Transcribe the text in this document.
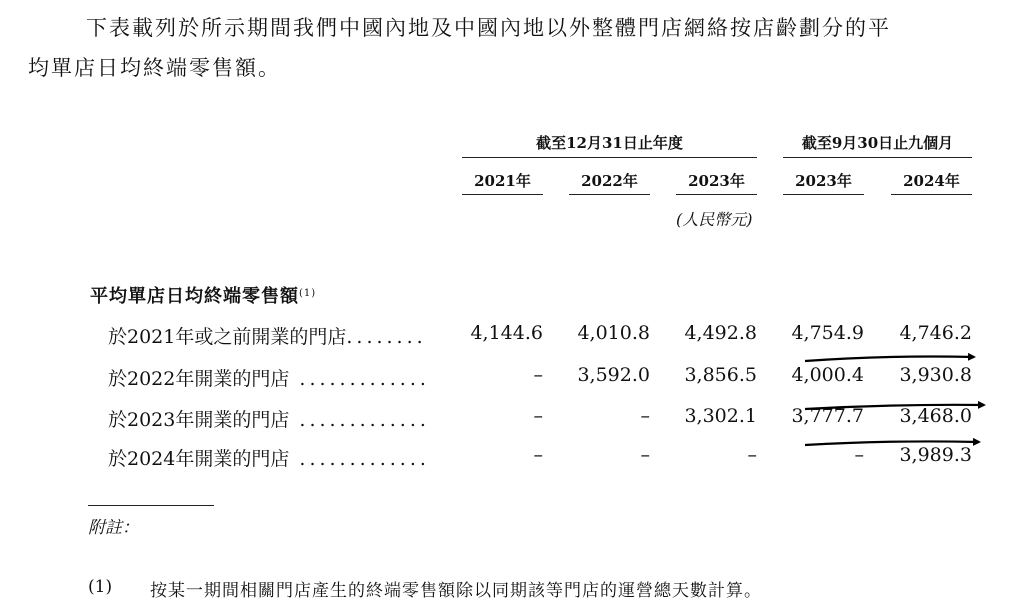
下表載列於所示期間我們中國內地及中國內地以外整體門店網絡按店齡劃分的平
均單店日均終端零售額。
截至12月31日止年度	截至9月30日止九個月
2021年	2022年	2023年	2023年	2024年
(人民幣元)
平均單店日均終端零售額$^{(1)}$
於2021年或之前開業的門店........	4,144.6	4,010.8	4,492.8	4,754.9	4,746.2
於2022年開業的門店 .............	–	3,592.0	3,856.5	4,000.4	3,930.8
於2023年開業的門店 .............	–	–	3,302.1	3,777.7	3,468.0
於2024年開業的門店 .............	–	–	–	–	3,989.3
附註：
(1) 按某一期間相關門店產生的終端零售額除以同期該等門店的運營總天數計算。
